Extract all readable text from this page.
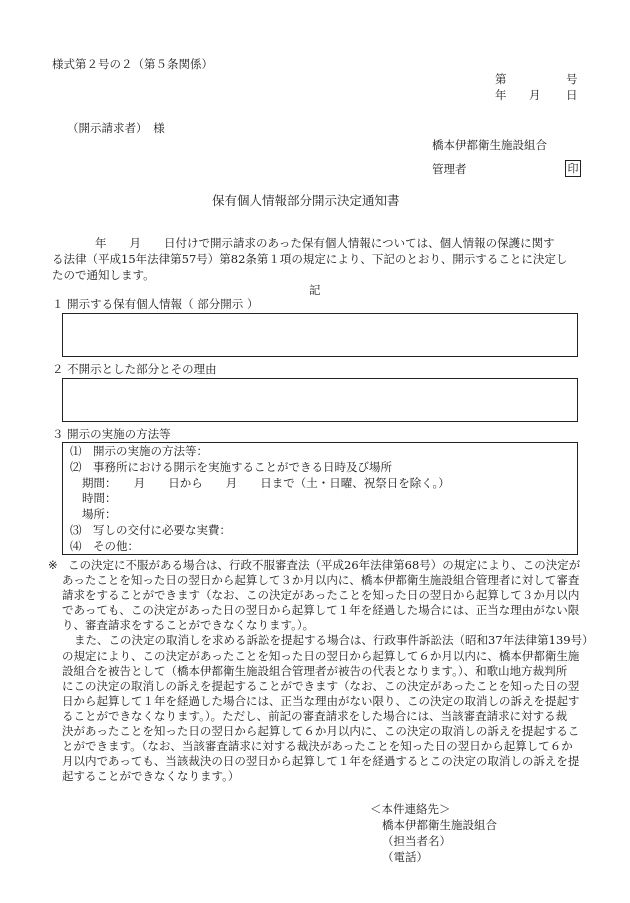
様式第２号の２（第５条関係）
第	号
年 月 日
（開示請求者）　様
橋本伊都衛生施設組合
管理者	印
保有個人情報部分開示決定通知書
年　　月　　日付けで開示請求のあった保有個人情報については、個人情報の保護に関す
る法律（平成15年法律第57号）第82条第１項の規定により、下記のとおり、開示することに決定し
たので通知します。
記
１ 開示する保有個人情報（ 部分開示 ）
２ 不開示とした部分とその理由
３ 開示の実施の方法等
⑴　開示の実施の方法等：
⑵　事務所における開示を実施することができる日時及び場所
期間：　　月　　日から　　月　　日まで（土・日曜、祝祭日を除く。）
時間：
場所：
⑶　写しの交付に必要な実費：
⑷　その他：
※ この決定に不服がある場合は、行政不服審査法（平成26年法律第68号）の規定により、この決定が
あったことを知った日の翌日から起算して３か月以内に、橋本伊都衛生施設組合管理者に対して審査
請求をすることができます（なお、この決定があったことを知った日の翌日から起算して３か月以内
であっても、この決定があった日の翌日から起算して１年を経過した場合には、正当な理由がない限
り、審査請求をすることができなくなります。）。
また、この決定の取消しを求める訴訟を提起する場合は、行政事件訴訟法（昭和37年法律第139号）
の規定により、この決定があったことを知った日の翌日から起算して６か月以内に、橋本伊都衛生施
設組合を被告として（橋本伊都衛生施設組合管理者が被告の代表となります。）、和歌山地方裁判所
にこの決定の取消しの訴えを提起することができます（なお、この決定があったことを知った日の翌
日から起算して１年を経過した場合には、正当な理由がない限り、この決定の取消しの訴えを提起す
ることができなくなります。）。ただし、前記の審査請求をした場合には、当該審査請求に対する裁
決があったことを知った日の翌日から起算して６か月以内に、この決定の取消しの訴えを提起するこ
とができます。（なお、当該審査請求に対する裁決があったことを知った日の翌日から起算して６か
月以内であっても、当該裁決の日の翌日から起算して１年を経過するとこの決定の取消しの訴えを提
起することができなくなります。）
＜本件連絡先＞
橋本伊都衛生施設組合
（担当者名）
（電話）
